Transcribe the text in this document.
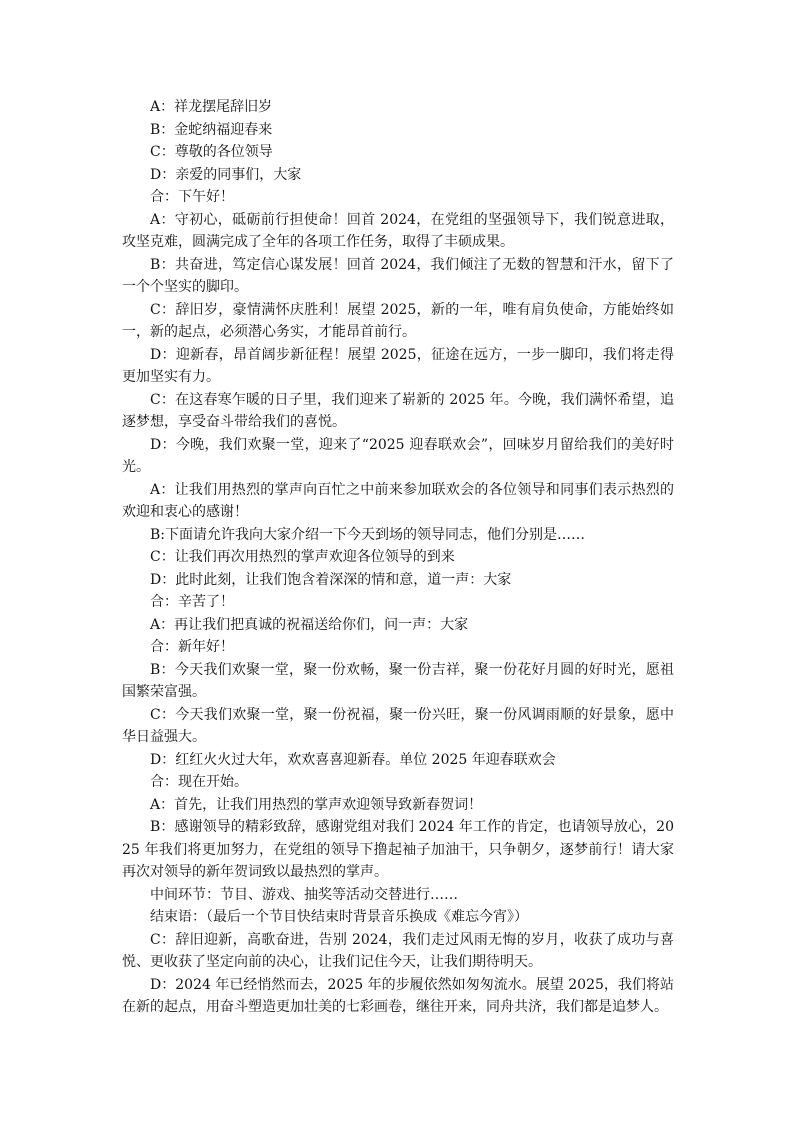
A：祥龙摆尾辞旧岁

B：金蛇纳福迎春来

C：尊敬的各位领导

D：亲爱的同事们，大家

合：下午好！

A：守初心，砥砺前行担使命！回首 2024，在党组的坚强领导下，我们锐意进取，攻坚克难，圆满完成了全年的各项工作任务，取得了丰硕成果。

B：共奋进，笃定信心谋发展！回首 2024，我们倾注了无数的智慧和汗水，留下了一个个坚实的脚印。

C：辞旧岁，豪情满怀庆胜利！展望 2025，新的一年，唯有肩负使命，方能始终如一，新的起点，必须潜心务实，才能昂首前行。

D：迎新春，昂首阔步新征程！展望 2025，征途在远方，一步一脚印，我们将走得更加坚实有力。

C：在这春寒乍暖的日子里，我们迎来了崭新的 2025 年。今晚，我们满怀希望，追逐梦想，享受奋斗带给我们的喜悦。

D：今晚，我们欢聚一堂，迎来了“2025 迎春联欢会”，回味岁月留给我们的美好时光。

A：让我们用热烈的掌声向百忙之中前来参加联欢会的各位领导和同事们表示热烈的欢迎和衷心的感谢！

B:下面请允许我向大家介绍一下今天到场的领导同志，他们分别是……

C：让我们再次用热烈的掌声欢迎各位领导的到来

D：此时此刻，让我们饱含着深深的情和意，道一声：大家

合：辛苦了！

A：再让我们把真诚的祝福送给你们，问一声：大家

合：新年好！

B：今天我们欢聚一堂，聚一份欢畅，聚一份吉祥，聚一份花好月圆的好时光，愿祖国繁荣富强。

C：今天我们欢聚一堂，聚一份祝福，聚一份兴旺，聚一份风调雨顺的好景象，愿中华日益强大。

D：红红火火过大年，欢欢喜喜迎新春。单位 2025 年迎春联欢会

合：现在开始。

A：首先，让我们用热烈的掌声欢迎领导致新春贺词！

B：感谢领导的精彩致辞，感谢党组对我们 2024 年工作的肯定，也请领导放心，2025 年我们将更加努力，在党组的领导下撸起袖子加油干，只争朝夕，逐梦前行！请大家再次对领导的新年贺词致以最热烈的掌声。

中间环节：节目、游戏、抽奖等活动交替进行……

结束语：（最后一个节目快结束时背景音乐换成《难忘今宵》）

C：辞旧迎新，高歌奋进，告别 2024，我们走过风雨无悔的岁月，收获了成功与喜悦、更收获了坚定向前的决心，让我们记住今天，让我们期待明天。

D：2024 年已经悄然而去，2025 年的步履依然如匆匆流水。展望 2025，我们将站在新的起点，用奋斗塑造更加壮美的七彩画卷，继往开来，同舟共济，我们都是追梦人。
